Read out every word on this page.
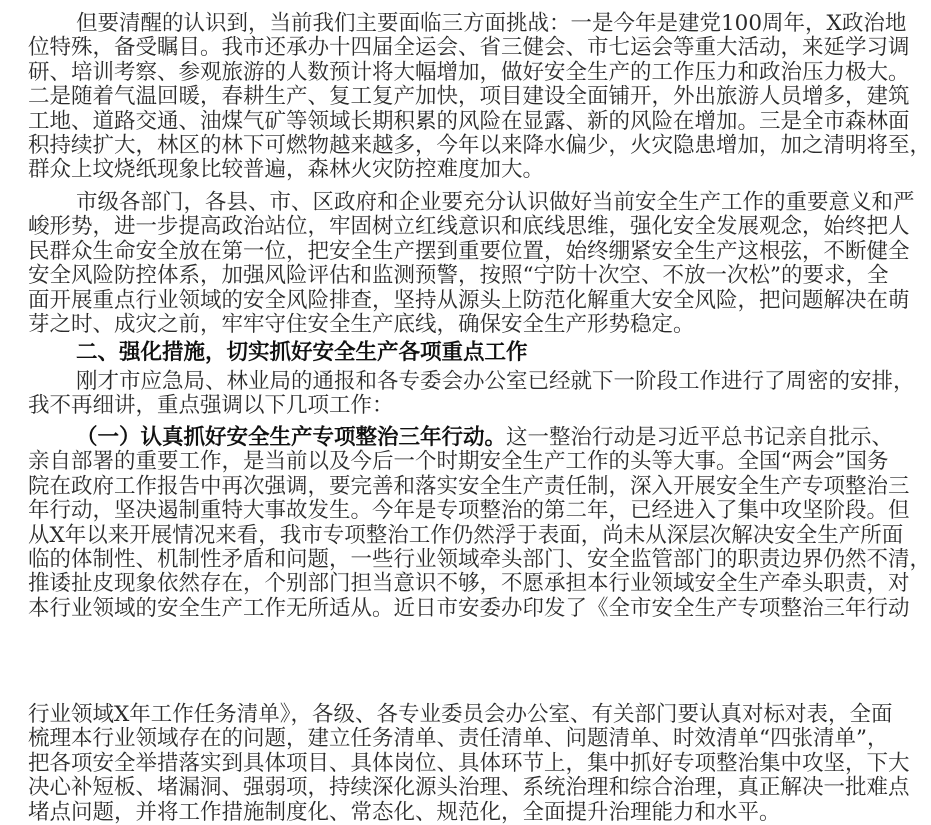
但要清醒的认识到，当前我们主要面临三方面挑战：一是今年是建党100周年，X政治地
位特殊，备受瞩目。我市还承办十四届全运会、省三健会、市七运会等重大活动，来延学习调
研、培训考察、参观旅游的人数预计将大幅增加，做好安全生产的工作压力和政治压力极大。
二是随着气温回暖，春耕生产、复工复产加快，项目建设全面铺开，外出旅游人员增多，建筑
工地、道路交通、油煤气矿等领域长期积累的风险在显露、新的风险在增加。三是全市森林面
积持续扩大，林区的林下可燃物越来越多，今年以来降水偏少，火灾隐患增加，加之清明将至，
群众上坟烧纸现象比较普遍，森林火灾防控难度加大。
市级各部门，各县、市、区政府和企业要充分认识做好当前安全生产工作的重要意义和严
峻形势，进一步提高政治站位，牢固树立红线意识和底线思维，强化安全发展观念，始终把人
民群众生命安全放在第一位，把安全生产摆到重要位置，始终绷紧安全生产这根弦，不断健全
安全风险防控体系，加强风险评估和监测预警，按照“宁防十次空、不放一次松”的要求，全
面开展重点行业领域的安全风险排查，坚持从源头上防范化解重大安全风险，把问题解决在萌
芽之时、成灾之前，牢牢守住安全生产底线，确保安全生产形势稳定。
二、强化措施，切实抓好安全生产各项重点工作
刚才市应急局、林业局的通报和各专委会办公室已经就下一阶段工作进行了周密的安排，
我不再细讲，重点强调以下几项工作：
（一）认真抓好安全生产专项整治三年行动。这一整治行动是习近平总书记亲自批示、
亲自部署的重要工作，是当前以及今后一个时期安全生产工作的头等大事。全国“两会”国务
院在政府工作报告中再次强调，要完善和落实安全生产责任制，深入开展安全生产专项整治三
年行动，坚决遏制重特大事故发生。今年是专项整治的第二年，已经进入了集中攻坚阶段。但
从X年以来开展情况来看，我市专项整治工作仍然浮于表面，尚未从深层次解决安全生产所面
临的体制性、机制性矛盾和问题，一些行业领域牵头部门、安全监管部门的职责边界仍然不清，
推诿扯皮现象依然存在，个别部门担当意识不够，不愿承担本行业领域安全生产牵头职责，对
本行业领域的安全生产工作无所适从。近日市安委办印发了《全市安全生产专项整治三年行动
行业领域X年工作任务清单》，各级、各专业委员会办公室、有关部门要认真对标对表，全面
梳理本行业领域存在的问题，建立任务清单、责任清单、问题清单、时效清单“四张清单”，
把各项安全举措落实到具体项目、具体岗位、具体环节上，集中抓好专项整治集中攻坚，下大
决心补短板、堵漏洞、强弱项，持续深化源头治理、系统治理和综合治理，真正解决一批难点
堵点问题，并将工作措施制度化、常态化、规范化，全面提升治理能力和水平。
